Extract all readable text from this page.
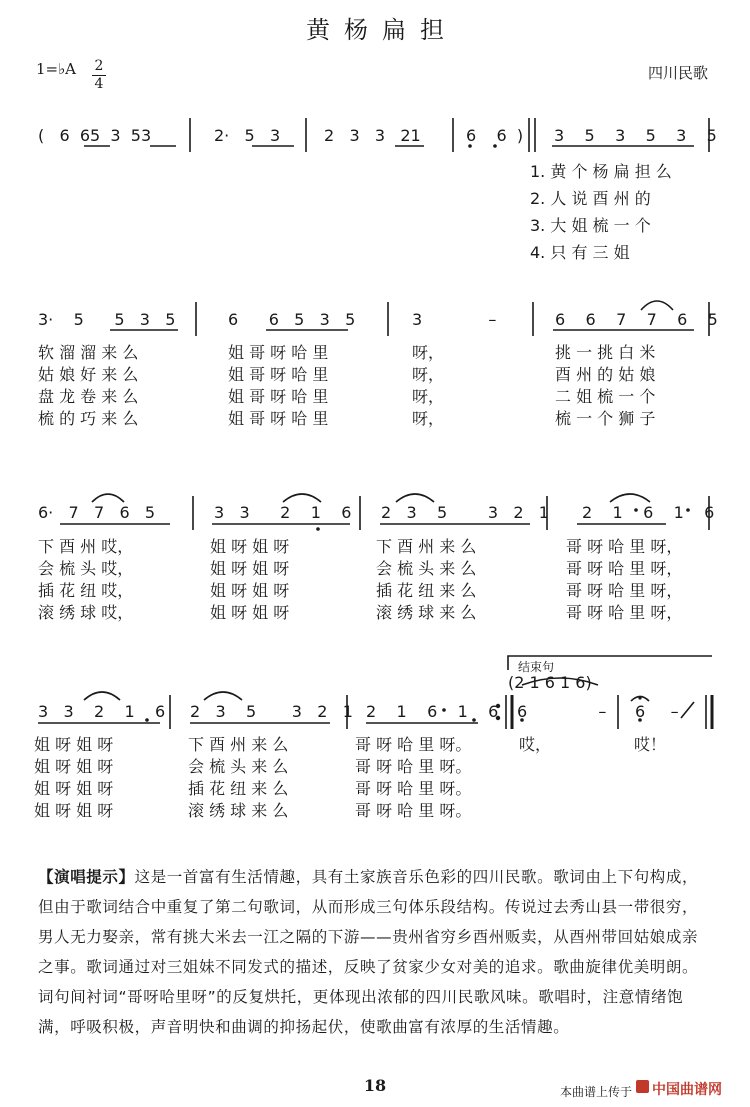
黄杨扁担
1=♭A 2
4
四川民歌
( 6 65 3 53	2· 5 3	2 3 3 21	6 6 ) 3 5 3 5 3 5
1. 黄 个 杨 扁 担 么
2. 人 说 酉 州 的
3. 大 姐 梳 一 个
4. 只 有 三 姐
3· 5 5 3 5	6 6 5 3 5	3	–	6 6 7 7 6 5
软 溜 溜 来 么
姑 娘 好 来 么
盘 龙 卷 来 么
梳 的 巧 来 么
姐 哥 呀 哈 里
姐 哥 呀 哈 里
姐 哥 呀 哈 里
姐 哥 呀 哈 里
呀，
呀，
呀，
呀，
挑 一 挑 白 米
酉 州 的 姑 娘
二 姐 梳 一 个
梳 一 个 狮 子
6· 7 7 6 5	3 3 2 1 6 2 3 5	3 2 1 2 1 6 1 6
下 酉 州 哎，
会 梳 头 哎，
插 花 纽 哎，
滚 绣 球 哎，
姐 呀 姐 呀
姐 呀 姐 呀
姐 呀 姐 呀
姐 呀 姐 呀
下 酉 州 来 么
会 梳 头 来 么
插 花 纽 来 么
滚 绣 球 来 么
哥 呀 哈 里 呀，
哥 呀 哈 里 呀，
哥 呀 哈 里 呀，
哥 呀 哈 里 呀，
结束句
(2 1 6 1 6)
3 3 2 1 6 2 3 5 3 2 1 2 1 6 1 6 6	– 6 –
姐 呀 姐 呀
姐 呀 姐 呀
姐 呀 姐 呀
姐 呀 姐 呀
下 酉 州 来 么
会 梳 头 来 么
插 花 纽 来 么
滚 绣 球 来 么
哥 呀 哈 里 呀。
哥 呀 哈 里 呀。
哥 呀 哈 里 呀。
哥 呀 哈 里 呀。
哎，	哎！
【演唱提示】这是一首富有生活情趣，具有土家族音乐色彩的四川民歌。歌词由上下句构成，但由于歌词结合中重复了第二句歌词，从而形成三句体乐段结构。传说过去秀山县一带很穷，男人无力娶亲，常有挑大米去一江之隔的下游——贵州省穷乡酉州贩卖，从酉州带回姑娘成亲之事。歌词通过对三姐妹不同发式的描述，反映了贫家少女对美的追求。歌曲旋律优美明朗。词句间衬词“哥呀哈里呀”的反复烘托，更体现出浓郁的四川民歌风味。歌唱时，注意情绪饱满，呼吸积极，声音明快和曲调的抑扬起伏，使歌曲富有浓厚的生活情趣。
18	本曲谱上传于 中国曲谱网
